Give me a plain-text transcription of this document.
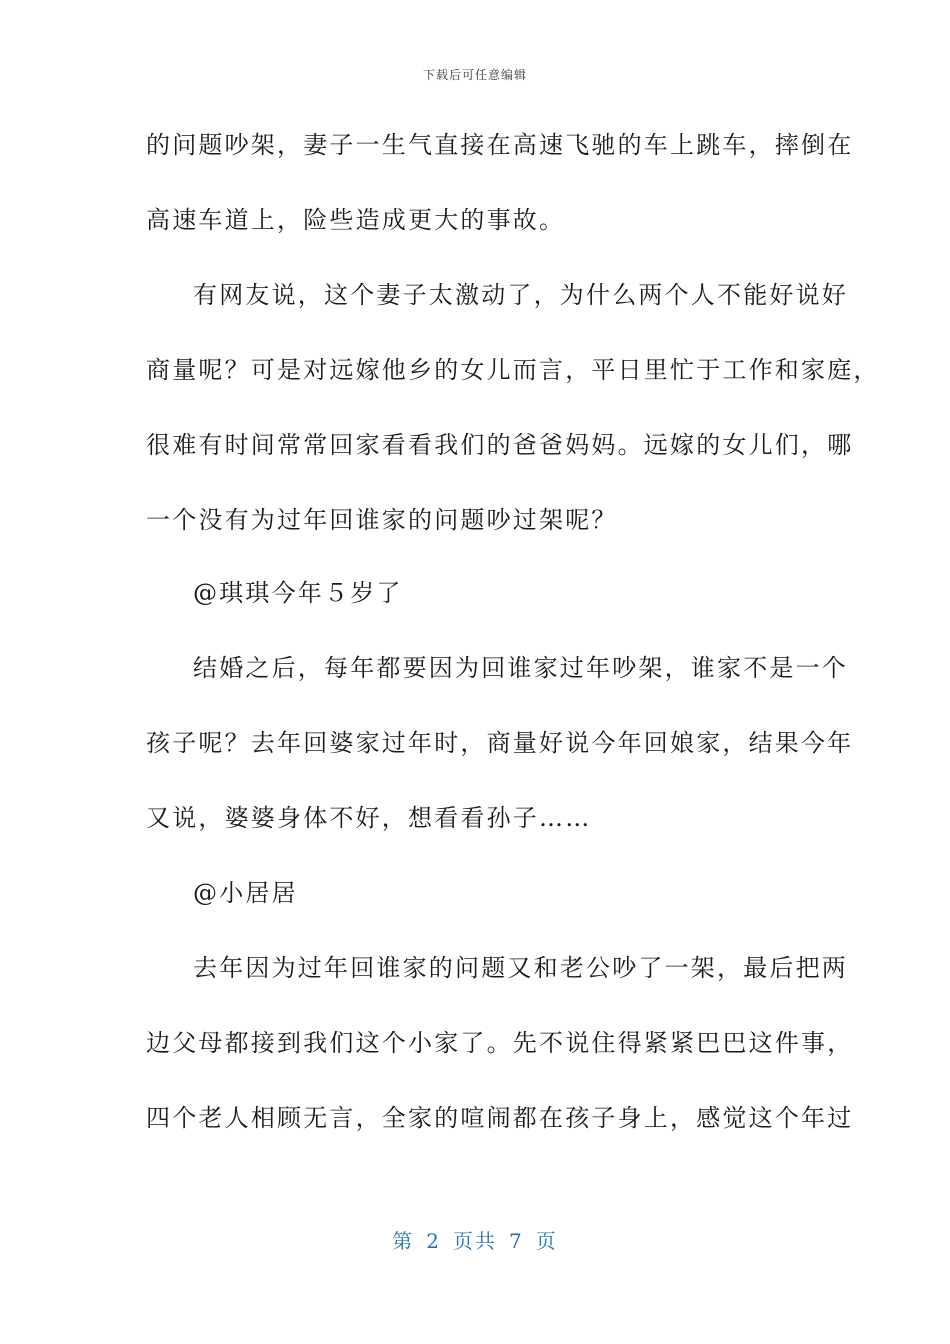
下载后可任意编辑
的问题吵架，妻子一生气直接在高速飞驰的车上跳车，摔倒在
高速车道上，险些造成更大的事故。
有网友说，这个妻子太激动了，为什么两个人不能好说好
商量呢？可是对远嫁他乡的女儿而言，平日里忙于工作和家庭，
很难有时间常常回家看看我们的爸爸妈妈。远嫁的女儿们，哪
一个没有为过年回谁家的问题吵过架呢？
@琪琪今年５岁了
结婚之后，每年都要因为回谁家过年吵架，谁家不是一个
孩子呢？去年回婆家过年时，商量好说今年回娘家，结果今年
又说，婆婆身体不好，想看看孙子……
@小居居
去年因为过年回谁家的问题又和老公吵了一架，最后把两
边父母都接到我们这个小家了。先不说住得紧紧巴巴这件事，
四个老人相顾无言，全家的喧闹都在孩子身上，感觉这个年过
第 2 页共 7 页
